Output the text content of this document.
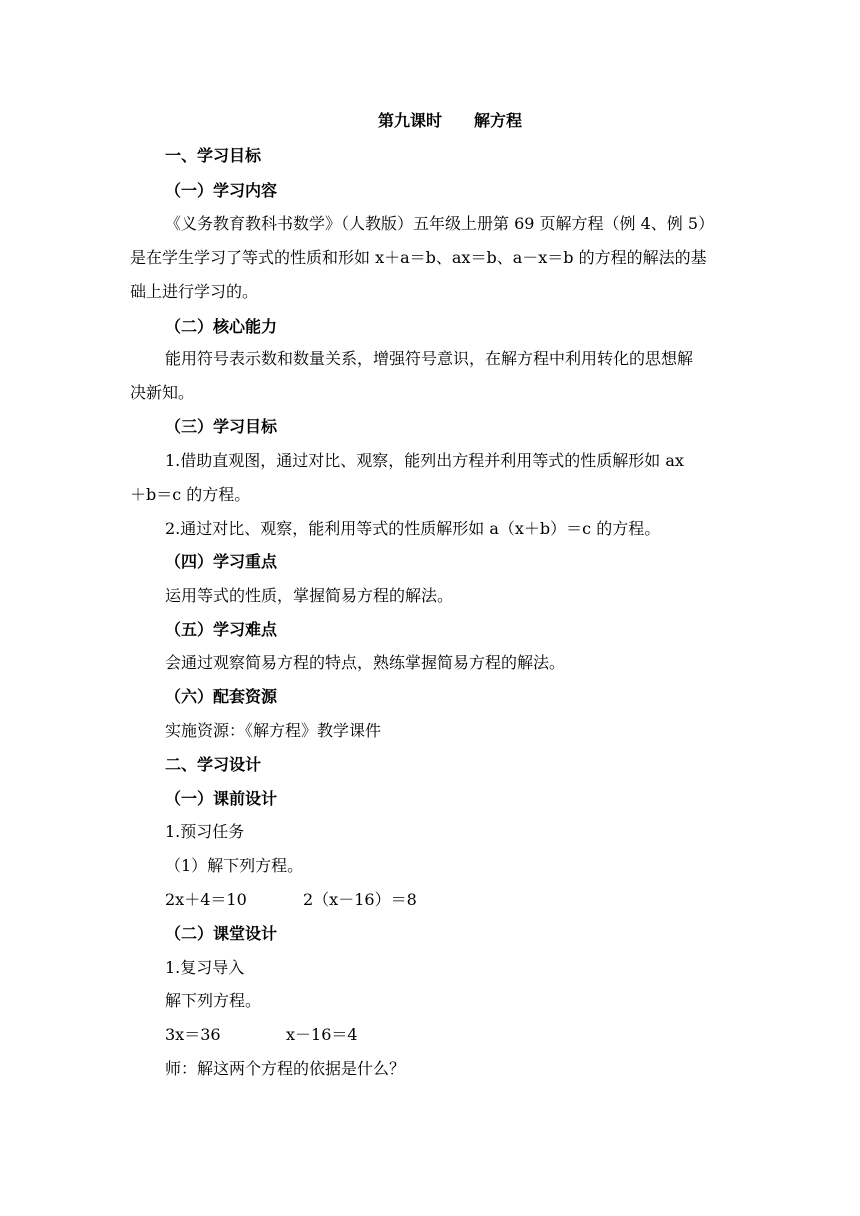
第九课时　　解方程
一、学习目标
（一）学习内容
《义务教育教科书数学》（人教版）五年级上册第 69 页解方程（例 4、例 5）
是在学生学习了等式的性质和形如 x＋a＝b、ax＝b、a－x＝b 的方程的解法的基
础上进行学习的。
（二）核心能力
能用符号表示数和数量关系，增强符号意识，在解方程中利用转化的思想解
决新知。
（三）学习目标
1.借助直观图，通过对比、观察，能列出方程并利用等式的性质解形如 ax
＋b＝c 的方程。
2.通过对比、观察，能利用等式的性质解形如 a（x＋b）＝c 的方程。
（四）学习重点
运用等式的性质，掌握简易方程的解法。
（五）学习难点
会通过观察简易方程的特点，熟练掌握简易方程的解法。
（六）配套资源
实施资源：《解方程》教学课件
二、学习设计
（一）课前设计
1.预习任务
（1）解下列方程。
2x＋4＝10	2（x－16）＝8
（二）课堂设计
1.复习导入
解下列方程。
3x＝36	x－16＝4
师：解这两个方程的依据是什么？
